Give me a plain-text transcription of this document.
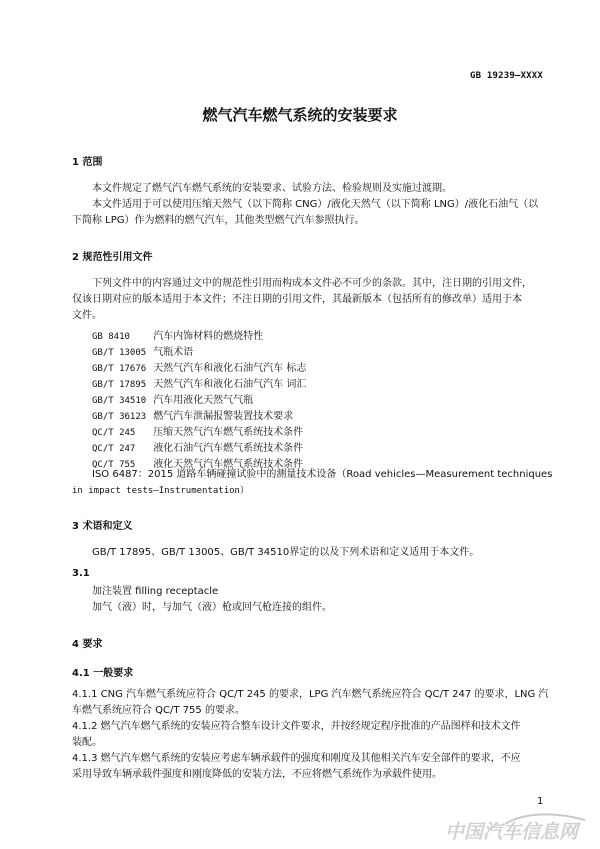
GB 19239—XXXX
燃气汽车燃气系统的安装要求
1 范围
本文件规定了燃气汽车燃气系统的安装要求、试验方法、检验规则及实施过渡期。
本文件适用于可以使用压缩天然气（以下简称 CNG）/液化天然气（以下简称 LNG）/液化石油气（以
下简称 LPG）作为燃料的燃气汽车，其他类型燃气汽车参照执行。
2 规范性引用文件
下列文件中的内容通过文中的规范性引用而构成本文件必不可少的条款。其中，注日期的引用文件，
仅该日期对应的版本适用于本文件；不注日期的引用文件，其最新版本（包括所有的修改单）适用于本
文件。
GB 8410 汽车内饰材料的燃烧特性
GB/T 13005 气瓶术语
GB/T 17676 天然气汽车和液化石油气汽车 标志
GB/T 17895 天然气汽车和液化石油气汽车 词汇
GB/T 34510 汽车用液化天然气气瓶
GB/T 36123 燃气汽车泄漏报警装置技术要求
QC/T 245 压缩天然气汽车燃气系统技术条件
QC/T 247 液化石油气汽车燃气系统技术条件
QC/T 755 液化天然气汽车燃气系统技术条件
ISO 6487：2015 道路车辆碰撞试验中的测量技术设备（Road vehicles—Measurement techniques
in impact tests—Instrumentation）
3 术语和定义
GB/T 17895、GB/T 13005、GB/T 34510界定的以及下列术语和定义适用于本文件。
3.1
加注装置 filling receptacle
加气（液）时，与加气（液）枪或回气枪连接的组件。
4 要求
4.1 一般要求
4.1.1 CNG 汽车燃气系统应符合 QC/T 245 的要求，LPG 汽车燃气系统应符合 QC/T 247 的要求，LNG 汽
车燃气系统应符合 QC/T 755 的要求。
4.1.2 燃气汽车燃气系统的安装应符合整车设计文件要求，并按经规定程序批准的产品图样和技术文件
装配。
4.1.3 燃气汽车燃气系统的安装应考虑车辆承载件的强度和刚度及其他相关汽车安全部件的要求，不应
采用导致车辆承载件强度和刚度降低的安装方法，不应将燃气系统作为承载件使用。
1
中国汽车信息网
